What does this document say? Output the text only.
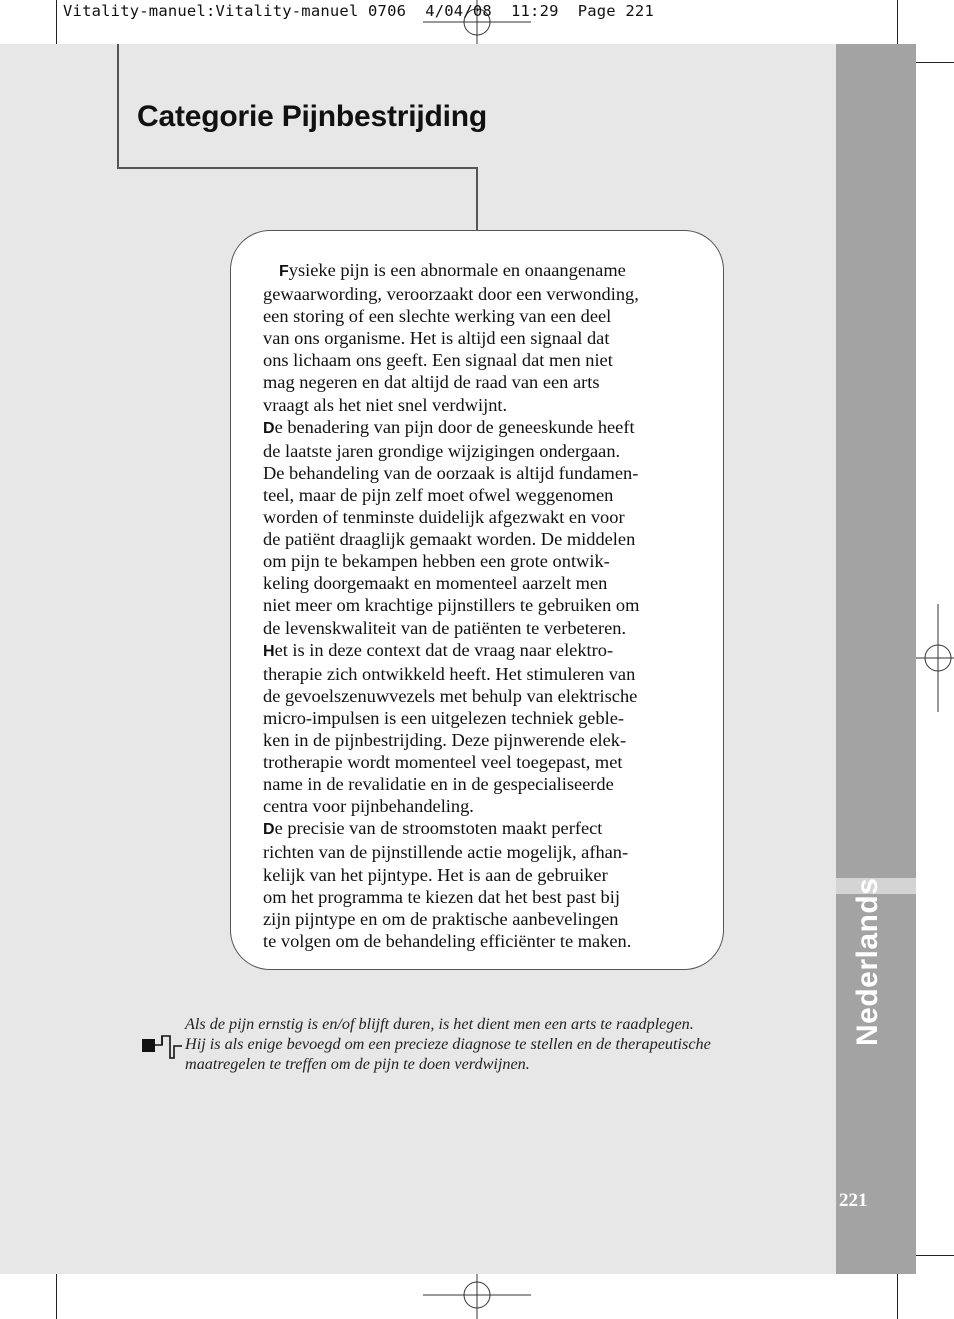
Vitality-manuel:Vitality-manuel 0706  4/04/08  11:29  Page 221
Nederlands
221
Categorie Pijnbestrijding
Fysieke pijn is een abnormale en onaangename
gewaarwording, veroorzaakt door een verwonding,
een storing of een slechte werking van een deel
van ons organisme. Het is altijd een signaal dat
ons lichaam ons geeft. Een signaal dat men niet
mag negeren en dat altijd de raad van een arts
vraagt als het niet snel verdwijnt.
De benadering van pijn door de geneeskunde heeft
de laatste jaren grondige wijzigingen ondergaan.
De behandeling van de oorzaak is altijd fundamen-
teel, maar de pijn zelf moet ofwel weggenomen
worden of tenminste duidelijk afgezwakt en voor
de patiënt draaglijk gemaakt worden. De middelen
om pijn te bekampen hebben een grote ontwik-
keling doorgemaakt en momenteel aarzelt men
niet meer om krachtige pijnstillers te gebruiken om
de levenskwaliteit van de patiënten te verbeteren.
Het is in deze context dat de vraag naar elektro-
therapie zich ontwikkeld heeft. Het stimuleren van
de gevoelszenuwvezels met behulp van elektrische
micro-impulsen is een uitgelezen techniek geble-
ken in de pijnbestrijding. Deze pijnwerende elek-
trotherapie wordt momenteel veel toegepast, met
name in de revalidatie en in de gespecialiseerde
centra voor pijnbehandeling.
De precisie van de stroomstoten maakt perfect
richten van de pijnstillende actie mogelijk, afhan-
kelijk van het pijntype. Het is aan de gebruiker
om het programma te kiezen dat het best past bij
zijn pijntype en om de praktische aanbevelingen
te volgen om de behandeling efficiënter te maken.
Als de pijn ernstig is en/of blijft duren, is het dient men een arts te raadplegen.
Hij is als enige bevoegd om een precieze diagnose te stellen en de therapeutische
maatregelen te treffen om de pijn te doen verdwijnen.
